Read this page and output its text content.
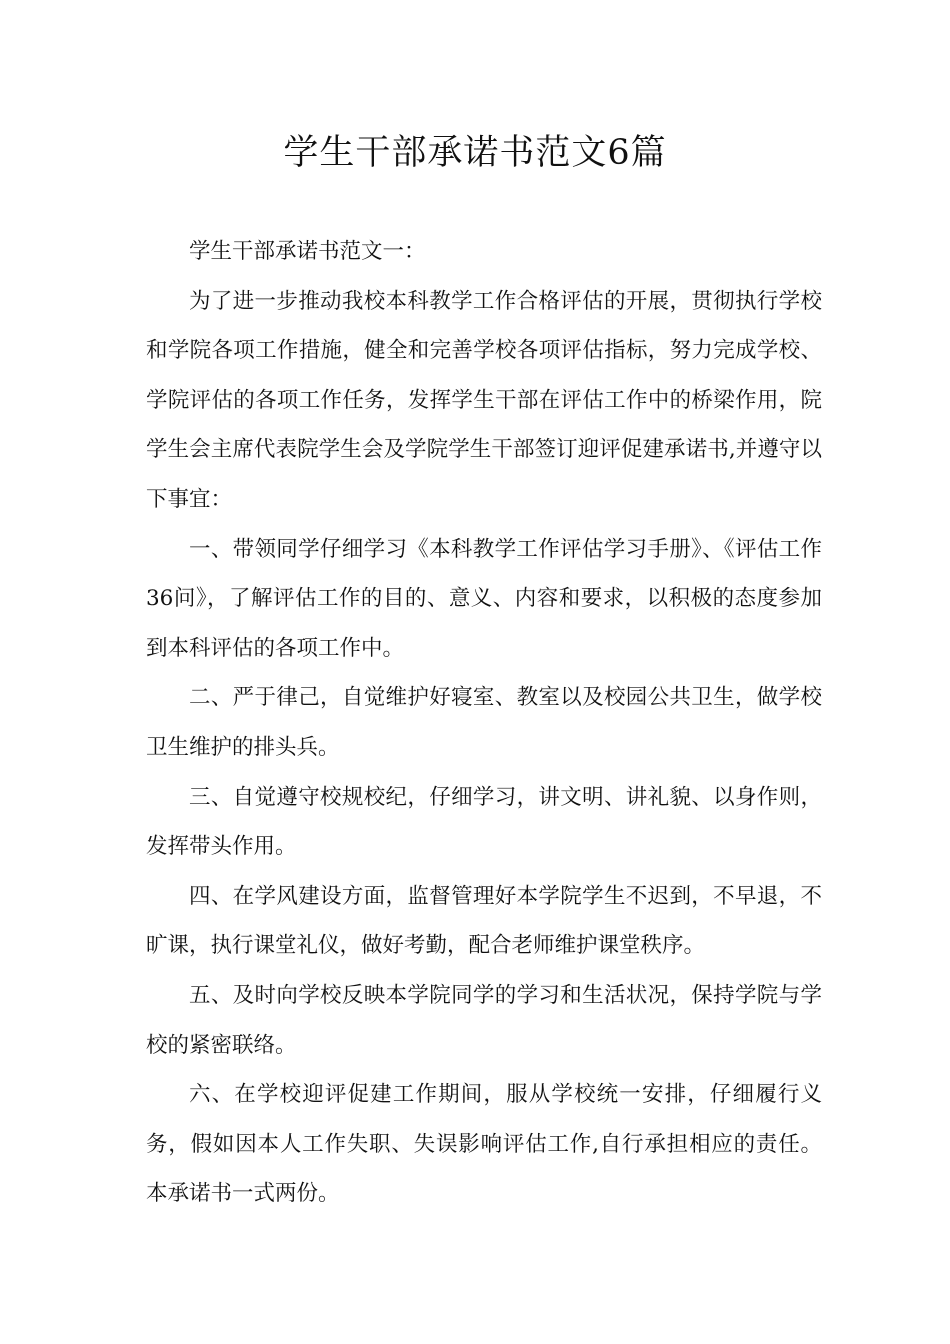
学生干部承诺书范文6篇

学生干部承诺书范文一：

为了进一步推动我校本科教学工作合格评估的开展，贯彻执行学校和学院各项工作措施，健全和完善学校各项评估指标，努力完成学校、学院评估的各项工作任务，发挥学生干部在评估工作中的桥梁作用，院学生会主席代表院学生会及学院学生干部签订迎评促建承诺书,并遵守以下事宜：

一、带领同学仔细学习《本科教学工作评估学习手册》、《评估工作36问》，了解评估工作的目的、意义、内容和要求，以积极的态度参加到本科评估的各项工作中。

二、严于律己，自觉维护好寝室、教室以及校园公共卫生，做学校卫生维护的排头兵。

三、自觉遵守校规校纪，仔细学习，讲文明、讲礼貌、以身作则，发挥带头作用。

四、在学风建设方面，监督管理好本学院学生不迟到，不早退，不旷课，执行课堂礼仪，做好考勤，配合老师维护课堂秩序。

五、及时向学校反映本学院同学的学习和生活状况，保持学院与学校的紧密联络。

六、在学校迎评促建工作期间，服从学校统一安排，仔细履行义务，假如因本人工作失职、失误影响评估工作,自行承担相应的责任。 本承诺书一式两份。
